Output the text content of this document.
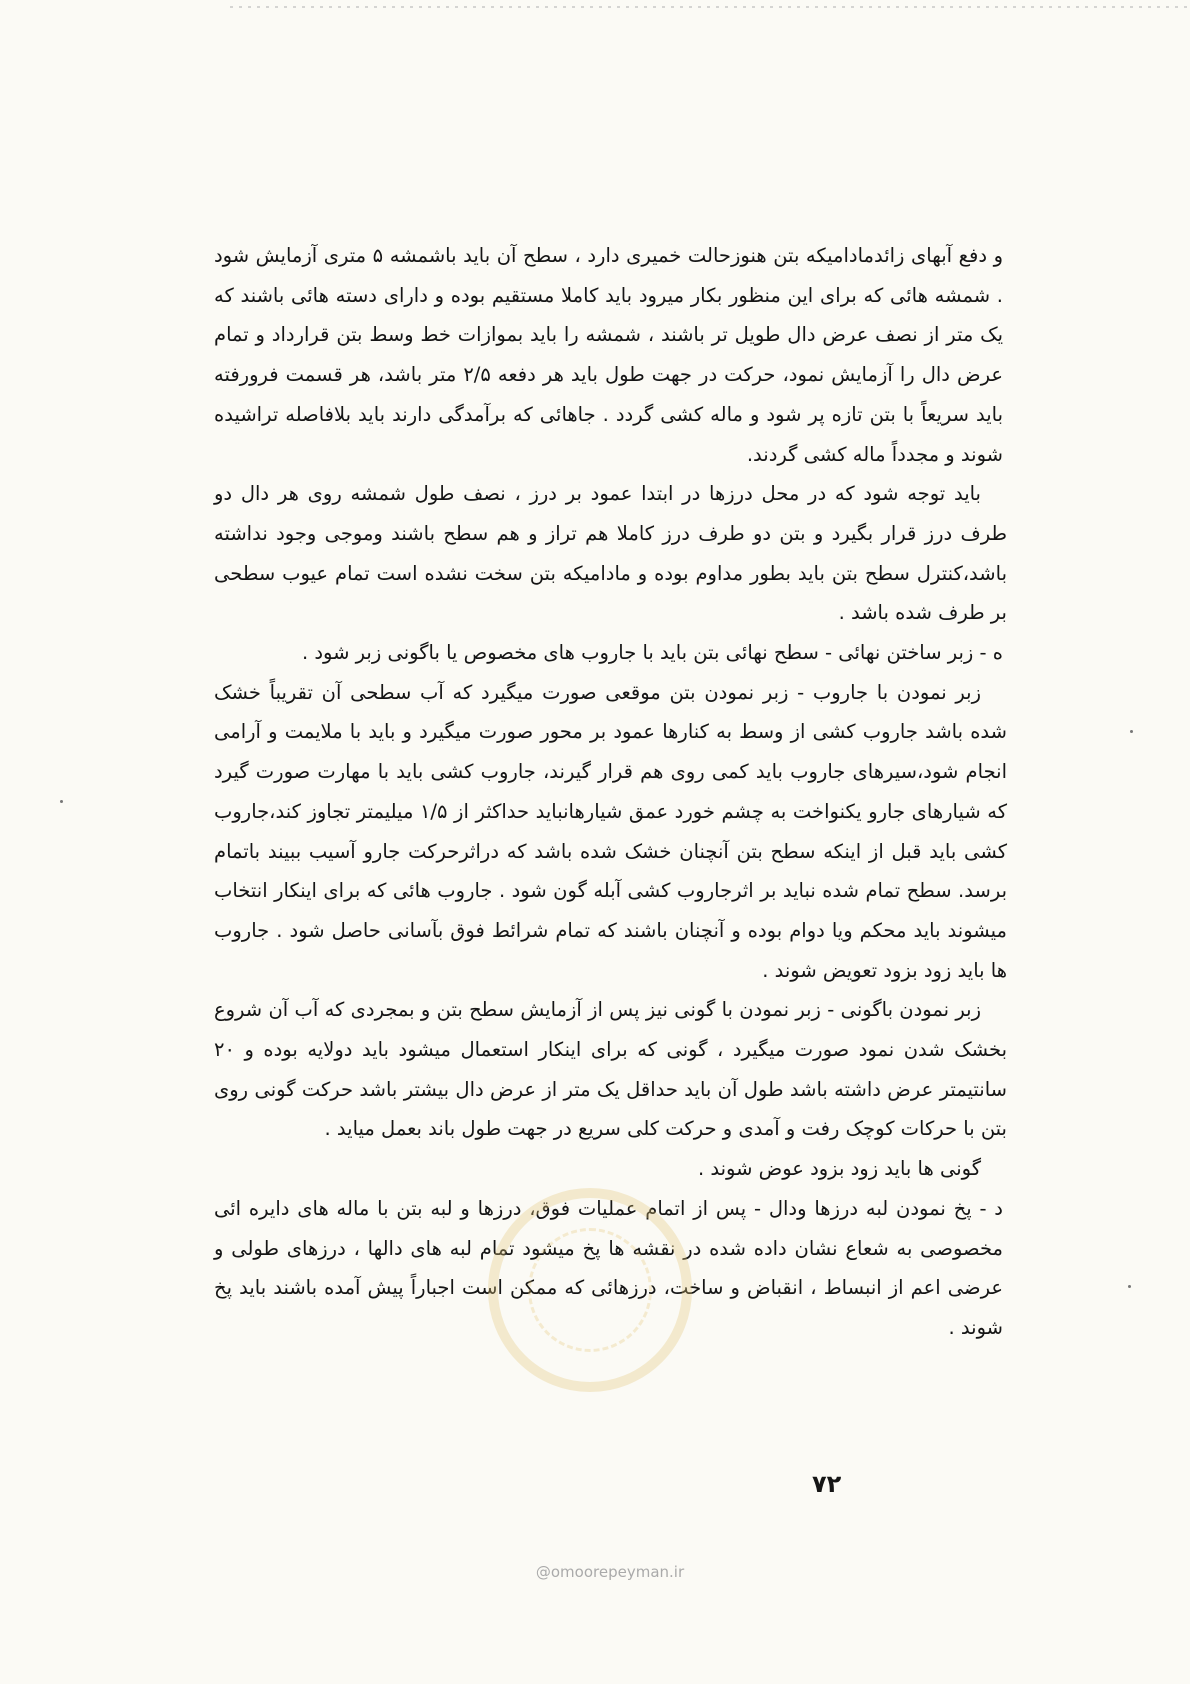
و دفع آبهای زائدمادامیکه بتن هنوزحالت خمیری دارد ، سطح آن باید باشمشه ۵ متری آزمایش شود . شمشه هائی که برای این منظور بکار میرود باید کاملا مستقیم بوده و دارای دسته هائی باشند که یک متر از نصف عرض دال طویل تر باشند ، شمشه را باید بموازات خط وسط بتن قرارداد و تمام عرض دال را آزمایش نمود، حرکت در جهت طول باید هر دفعه ۲/۵ متر باشد، هر قسمت فرورفته باید سریعاً با بتن تازه پر شود و ماله کشی گردد . جاهائی که برآمدگی دارند باید بلافاصله تراشیده شوند و مجدداً ماله کشی گردند.

باید توجه شود که در محل درزها در ابتدا عمود بر درز ، نصف طول شمشه روی هر دال دو طرف درز قرار بگیرد و بتن دو طرف درز کاملا هم تراز و هم سطح باشند وموجی وجود نداشته باشد،کنترل سطح بتن باید بطور مداوم بوده و مادامیکه بتن سخت نشده است تمام عیوب سطحی بر طرف شده باشد .

ه - زبر ساختن نهائی - سطح نهائی بتن باید با جاروب های مخصوص یا باگونی زبر شود .

زبر نمودن با جاروب - زبر نمودن بتن موقعی صورت میگیرد که آب سطحی آن تقریباً خشک شده باشد جاروب کشی از وسط به کنارها عمود بر محور صورت میگیرد و باید با ملایمت و آرامی انجام شود،سیرهای جاروب باید کمی روی هم قرار گیرند، جاروب کشی باید با مهارت صورت گیرد که شیارهای جارو یکنواخت به چشم خورد عمق شیارهانباید حداکثر از ۱/۵ میلیمتر تجاوز کند،جاروب کشی باید قبل از اینکه سطح بتن آنچنان خشک شده باشد که دراثرحرکت جارو آسیب ببیند باتمام برسد. سطح تمام شده نباید بر اثرجاروب کشی آبله گون شود . جاروب هائی که برای اینکار انتخاب میشوند باید محکم ویا دوام بوده و آنچنان باشند که تمام شرائط فوق بآسانی حاصل شود . جاروب ها باید زود بزود تعویض شوند .

زبر نمودن باگونی - زبر نمودن با گونی نیز پس از آزمایش سطح بتن و بمجردی که آب آن شروع بخشک شدن نمود صورت میگیرد ، گونی که برای اینکار استعمال میشود باید دولایه بوده و ۲۰ سانتیمتر عرض داشته باشد طول آن باید حداقل یک متر از عرض دال بیشتر باشد حرکت گونی روی بتن با حرکات کوچک رفت و آمدی و حرکت کلی سریع در جهت طول باند بعمل میاید .

گونی ها باید زود بزود عوض شوند .

د - پخ نمودن لبه درزها ودال - پس از اتمام عملیات فوق، درزها و لبه بتن با ماله های دایره ائی مخصوصی به شعاع نشان داده شده در نقشه ها پخ میشود تمام لبه های دالها ، درزهای طولی و عرضی اعم از انبساط ، انقباض و ساخت، درزهائی که ممکن است اجباراً پیش آمده باشند باید پخ شوند .

۷۲
@omoorepeyman.ir
